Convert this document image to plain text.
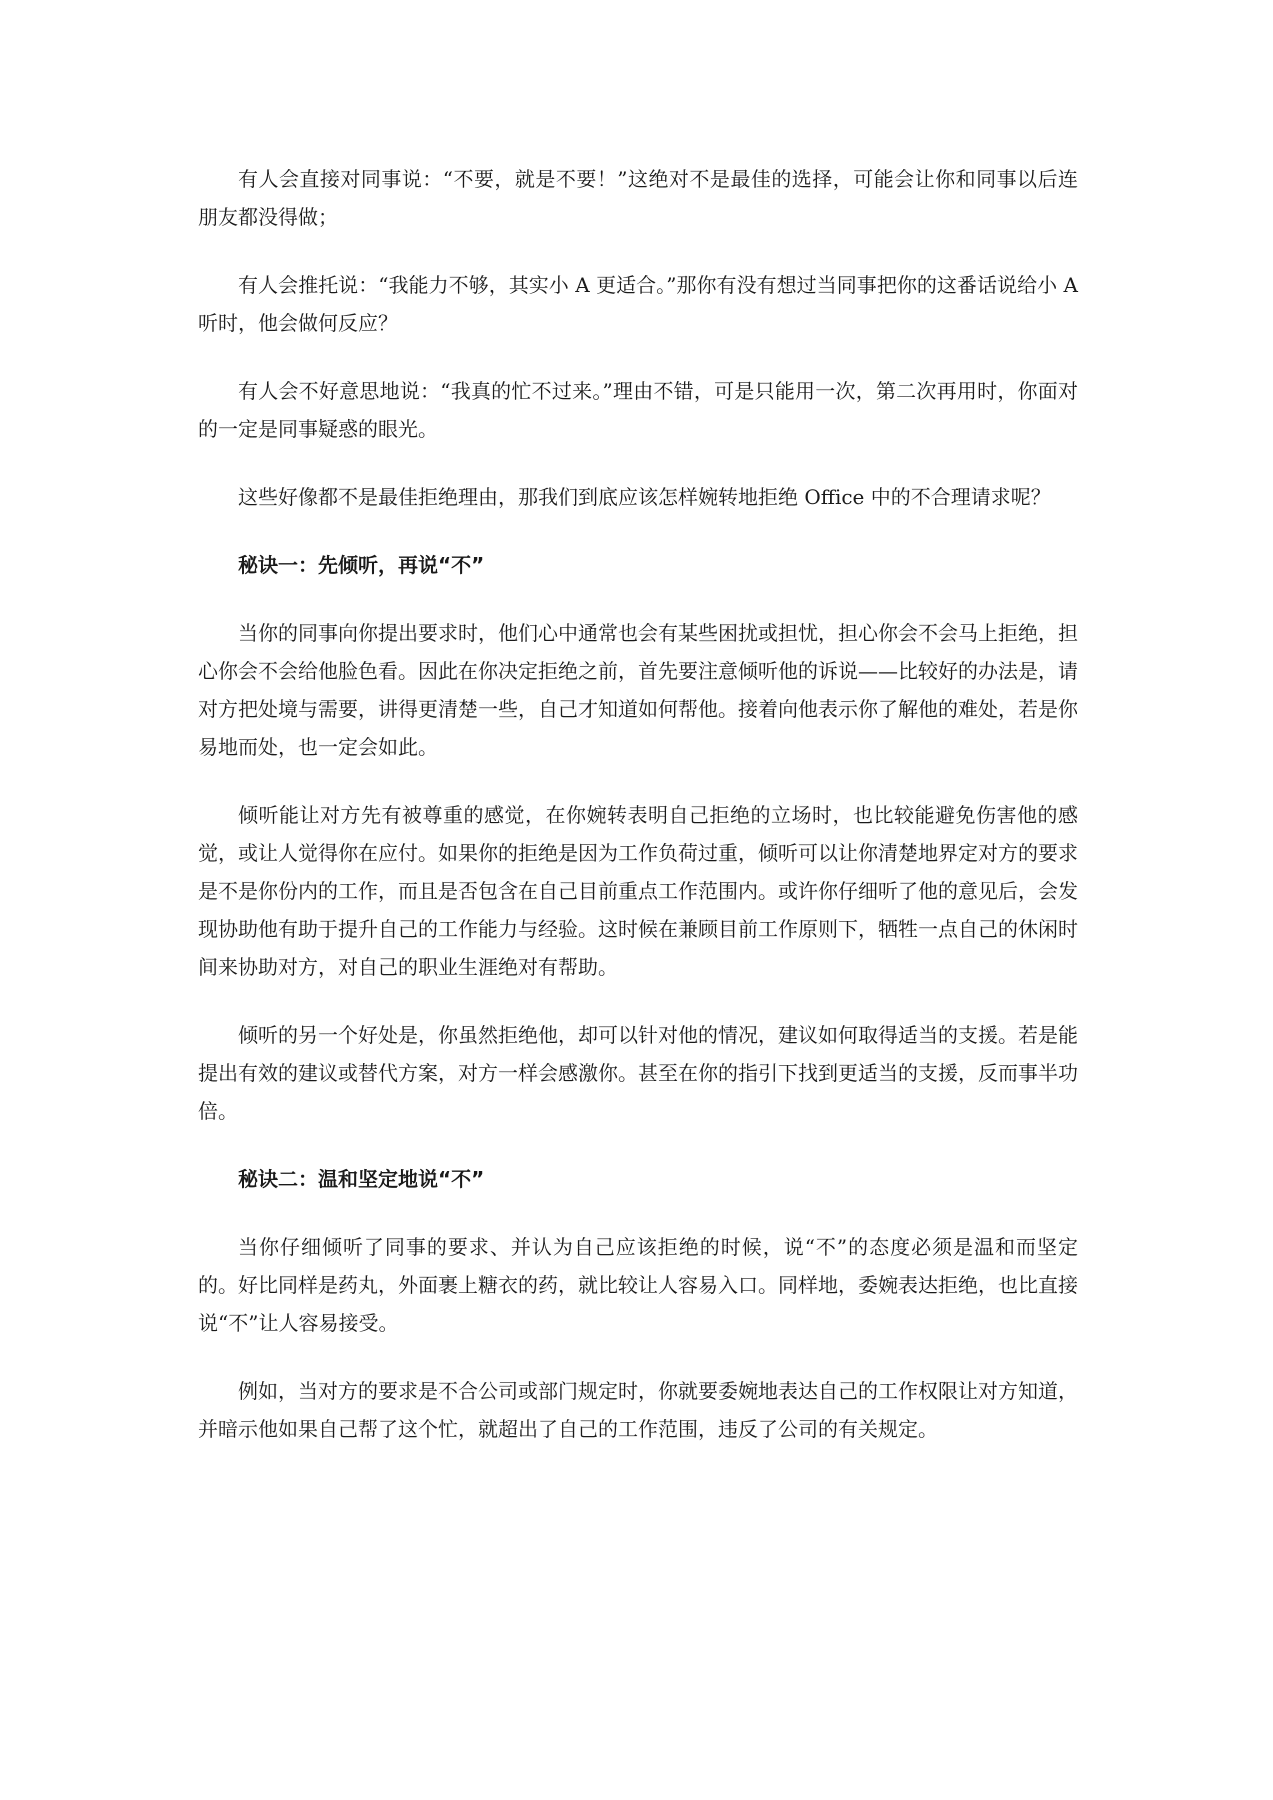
有人会直接对同事说：“不要，就是不要！”这绝对不是最佳的选择，可能会让你和同事以后连朋友都没得做；

有人会推托说：“我能力不够，其实小 A 更适合。”那你有没有想过当同事把你的这番话说给小 A 听时，他会做何反应？

有人会不好意思地说：“我真的忙不过来。”理由不错，可是只能用一次，第二次再用时，你面对的一定是同事疑惑的眼光。

这些好像都不是最佳拒绝理由，那我们到底应该怎样婉转地拒绝 Office 中的不合理请求呢？

秘诀一：先倾听，再说“不”

当你的同事向你提出要求时，他们心中通常也会有某些困扰或担忧，担心你会不会马上拒绝，担心你会不会给他脸色看。因此在你决定拒绝之前，首先要注意倾听他的诉说——比较好的办法是，请对方把处境与需要，讲得更清楚一些，自己才知道如何帮他。接着向他表示你了解他的难处，若是你易地而处，也一定会如此。

倾听能让对方先有被尊重的感觉，在你婉转表明自己拒绝的立场时，也比较能避免伤害他的感觉，或让人觉得你在应付。如果你的拒绝是因为工作负荷过重，倾听可以让你清楚地界定对方的要求是不是你份内的工作，而且是否包含在自己目前重点工作范围内。或许你仔细听了他的意见后，会发现协助他有助于提升自己的工作能力与经验。这时候在兼顾目前工作原则下，牺牲一点自己的休闲时间来协助对方，对自己的职业生涯绝对有帮助。

倾听的另一个好处是，你虽然拒绝他，却可以针对他的情况，建议如何取得适当的支援。若是能提出有效的建议或替代方案，对方一样会感激你。甚至在你的指引下找到更适当的支援，反而事半功倍。

秘诀二：温和坚定地说“不”

当你仔细倾听了同事的要求、并认为自己应该拒绝的时候，说“不”的态度必须是温和而坚定的。好比同样是药丸，外面裹上糖衣的药，就比较让人容易入口。同样地，委婉表达拒绝，也比直接说“不”让人容易接受。

例如，当对方的要求是不合公司或部门规定时，你就要委婉地表达自己的工作权限让对方知道，并暗示他如果自己帮了这个忙，就超出了自己的工作范围，违反了公司的有关规定。
